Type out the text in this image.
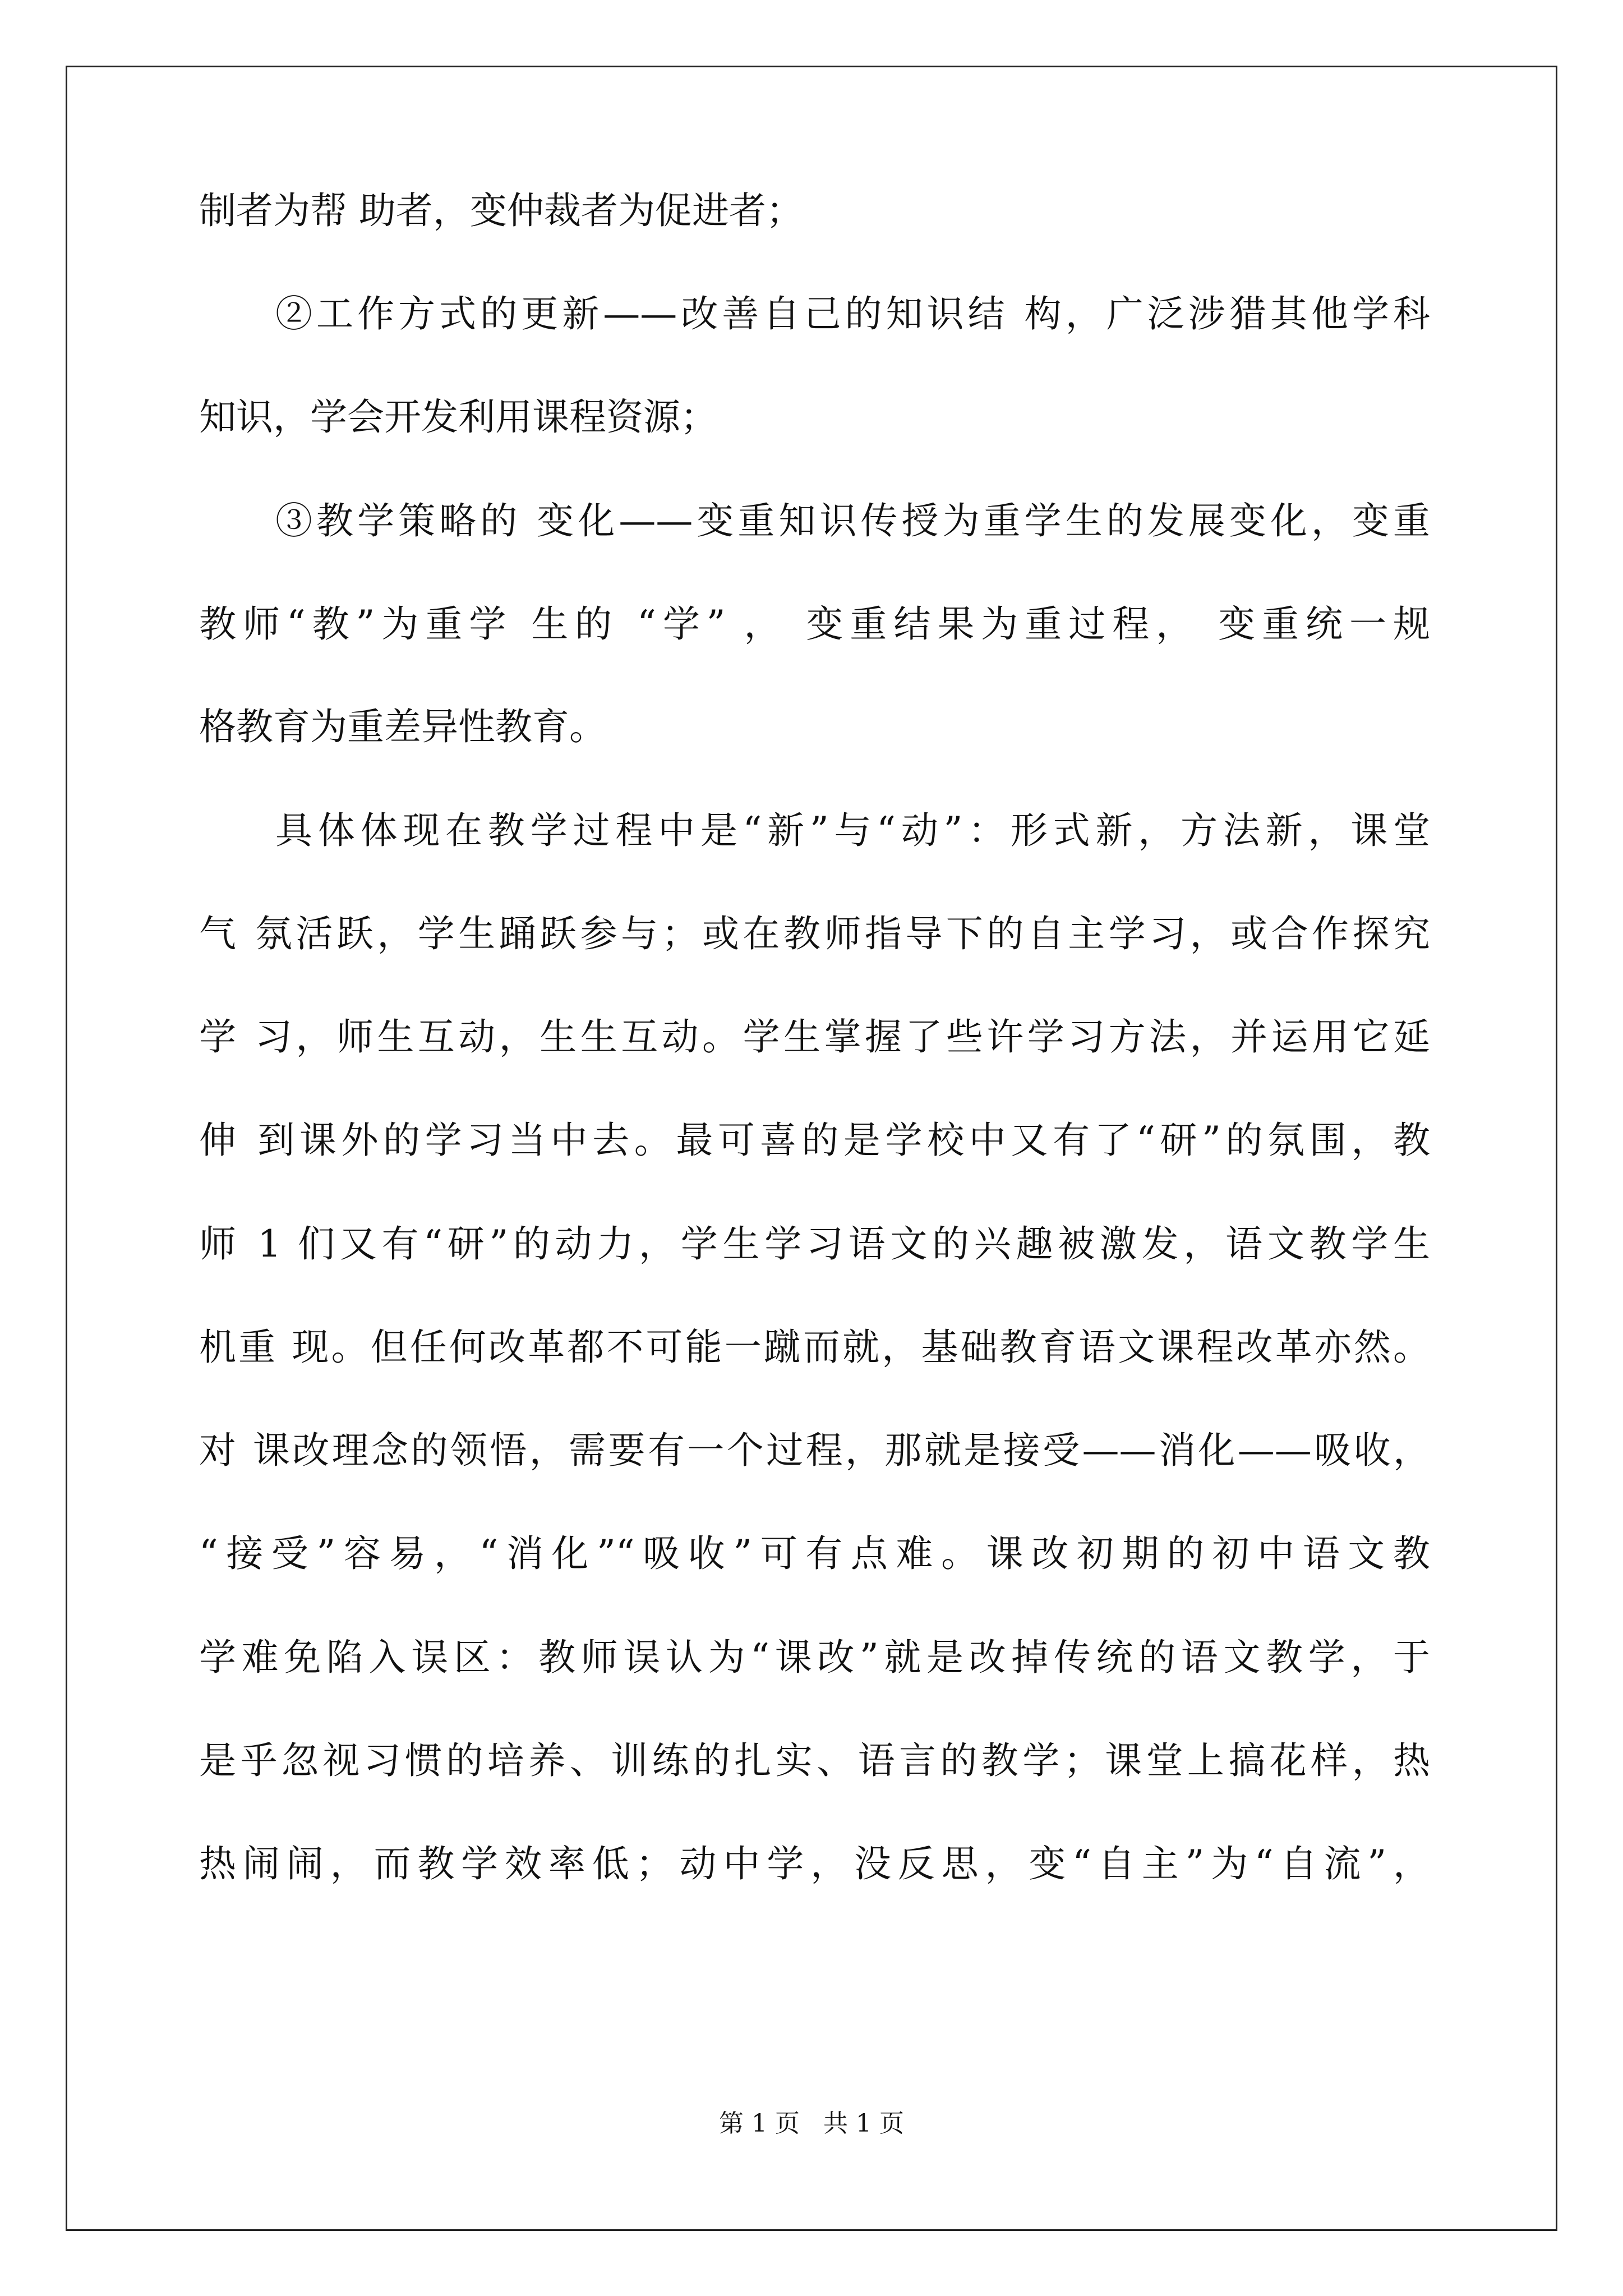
第 1 页   共 1 页
制者为帮 助者，变仲裁者为促进者；
②工作方式的更新——改善自己的知识结 构，广泛涉猎其他学科
知识，学会开发利用课程资源；
③教学策略的 变化——变重知识传授为重学生的发展变化，变重
教师“教”为重学 生的 “学” ， 变重结果为重过程， 变重统一规
格教育为重差异性教育。
具体体现在教学过程中是“新”与“动”：形式新，方法新，课堂
气 氛活跃，学生踊跃参与；或在教师指导下的自主学习，或合作探究
学 习，师生互动，生生互动。学生掌握了些许学习方法，并运用它延
伸 到课外的学习当中去。最可喜的是学校中又有了“研”的氛围，教
师 1 们又有“研”的动力，学生学习语文的兴趣被激发，语文教学生
机重 现。但任何改革都不可能一蹴而就，基础教育语文课程改革亦然。
对 课改理念的领悟，需要有一个过程，那就是接受——消化——吸收，
“接受”容易，“消化”“吸收”可有点难。课改初期的初中语文教
学难免陷入误区：教师误认为“课改”就是改掉传统的语文教学，于
是乎忽视习惯的培养、训练的扎实、语言的教学；课堂上搞花样，热
热闹闹，而教学效率低；动中学，没反思，变“自主”为“自流”，
